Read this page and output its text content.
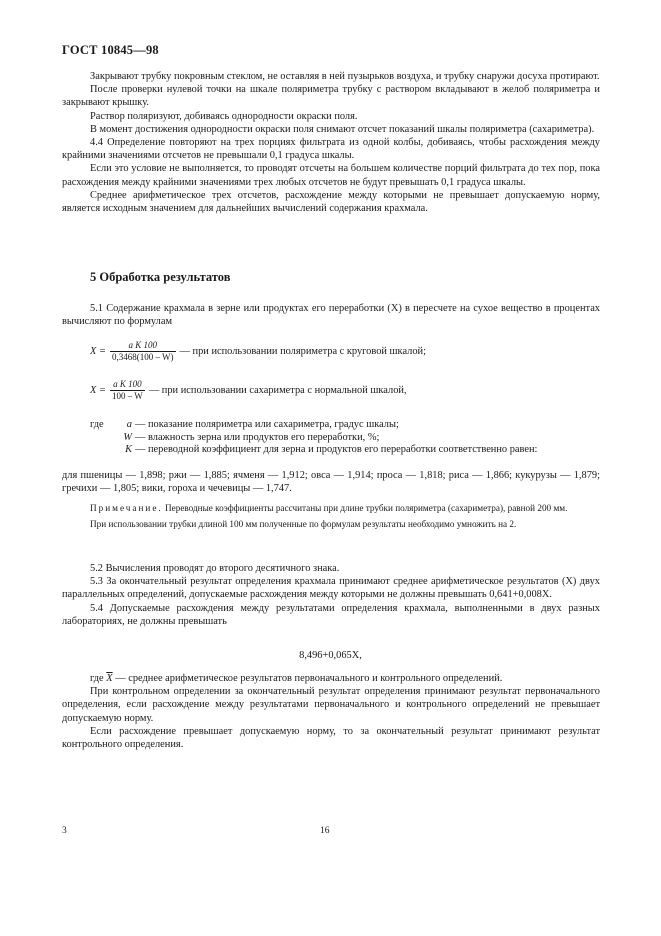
ГОСТ 10845—98

Закрывают трубку покровным стеклом, не оставляя в ней пузырьков воздуха, и трубку снаружи досуха протирают.

После проверки нулевой точки на шкале поляриметра трубку с раствором вкладывают в желоб поляриметра и закрывают крышку.

Раствор поляризуют, добиваясь однородности окраски поля.

В момент достижения однородности окраски поля снимают отсчет показаний шкалы поляриметра (сахариметра).

4.4 Определение повторяют на трех порциях фильтрата из одной колбы, добиваясь, чтобы расхождения между крайними значениями отсчетов не превышали 0,1 градуса шкалы.

Если это условие не выполняется, то проводят отсчеты на большем количестве порций фильтрата до тех пор, пока расхождения между крайними значениями трех любых отсчетов не будут превышать 0,1 градуса шкалы.

Среднее арифметическое трех отсчетов, расхождение между которыми не превышает допускаемую норму, является исходным значением для дальнейших вычислений содержания крахмала.

5 Обработка результатов

5.1 Содержание крахмала в зерне или продуктах его переработки (X) в пересчете на сухое вещество в процентах вычисляют по формулам

$X = \frac{\text{a K 100}}{0,3468(100 - W)}$ — при использовании поляриметра с круговой шкалой;
$X = \frac{\text{a K 100}}{100 - W}$ — при использовании сахариметра с нормальной шкалой,
где	a — показание поляриметра или сахариметра, градус шкалы;
W — влажность зерна или продуктов его переработки, %;
K — переводной коэффициент для зерна и продуктов его переработки соответственно равен:

для пшеницы — 1,898; ржи — 1,885; ячменя — 1,912; овса — 1,914; проса — 1,818; риса — 1,866; кукурузы — 1,879; гречихи — 1,805; вики, гороха и чечевицы — 1,747.

Примечание. Переводные коэффициенты рассчитаны при длине трубки поляриметра (сахариметра), равной 200 мм.

При использовании трубки длиной 100 мм полученные по формулам результаты необходимо умножить на 2.

5.2 Вычисления проводят до второго десятичного знака.

5.3 За окончательный результат определения крахмала принимают среднее арифметическое результатов (X) двух параллельных определений, допускаемые расхождения между которыми не должны превышать 0,641+0,008X.

5.4 Допускаемые расхождения между результатами определения крахмала, выполненными в двух разных лабораториях, не должны превышать

8,496+0,065X,

где $\overline{X}$ — среднее арифметическое результатов первоначального и контрольного определений.

При контрольном определении за окончательный результат определения принимают результат первоначального определения, если расхождение между результатами первоначального и контрольного определений не превышает допускаемую норму.

Если расхождение превышает допускаемую норму, то за окончательный результат принимают результат контрольного определения.

3	16
